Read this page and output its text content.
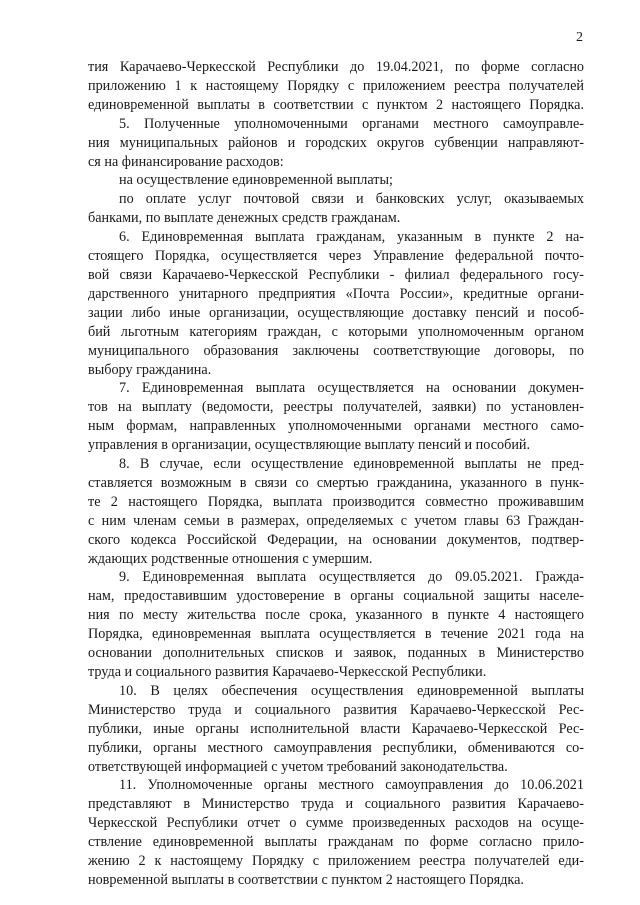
2
тия Карачаево-Черкесской Республики до 19.04.2021, по форме согласно
приложению 1 к настоящему Порядку с приложением реестра получателей
единовременной выплаты в соответствии с пунктом 2 настоящего Порядка.
5. Полученные уполномоченными органами местного самоуправле-
ния муниципальных районов и городских округов субвенции направляют-
ся на финансирование расходов:
на осуществление единовременной выплаты;
по оплате услуг почтовой связи и банковских услуг, оказываемых
банками, по выплате денежных средств гражданам.
6. Единовременная выплата гражданам, указанным в пункте 2 на-
стоящего Порядка, осуществляется через Управление федеральной почто-
вой связи Карачаево-Черкесской Республики - филиал федерального госу-
дарственного унитарного предприятия «Почта России», кредитные органи-
зации либо иные организации, осуществляющие доставку пенсий и пособ-
бий льготным категориям граждан, с которыми уполномоченным органом
муниципального образования заключены соответствующие договоры, по
выбору гражданина.
7. Единовременная выплата осуществляется на основании докумен-
тов на выплату (ведомости, реестры получателей, заявки) по установлен-
ным формам, направленных уполномоченными органами местного само-
управления в организации, осуществляющие выплату пенсий и пособий.
8. В случае, если осуществление единовременной выплаты не пред-
ставляется возможным в связи со смертью гражданина, указанного в пунк-
те 2 настоящего Порядка, выплата производится совместно проживавшим
с ним членам семьи в размерах, определяемых с учетом главы 63 Граждан-
ского кодекса Российской Федерации, на основании документов, подтвер-
ждающих родственные отношения с умершим.
9. Единовременная выплата осуществляется до 09.05.2021. Гражда-
нам, предоставившим удостоверение в органы социальной защиты населе-
ния по месту жительства после срока, указанного в пункте 4 настоящего
Порядка, единовременная выплата осуществляется в течение 2021 года на
основании дополнительных списков и заявок, поданных в Министерство
труда и социального развития Карачаево-Черкесской Республики.
10. В целях обеспечения осуществления единовременной выплаты
Министерство труда и социального развития Карачаево-Черкесской Рес-
публики, иные органы исполнительной власти Карачаево-Черкесской Рес-
публики, органы местного самоуправления республики, обмениваются со-
ответствующей информацией с учетом требований законодательства.
11. Уполномоченные органы местного самоуправления до 10.06.2021
представляют в Министерство труда и социального развития Карачаево-
Черкесской Республики отчет о сумме произведенных расходов на осуще-
ствление единовременной выплаты гражданам по форме согласно прило-
жению 2 к настоящему Порядку с приложением реестра получателей еди-
новременной выплаты в соответствии с пунктом 2 настоящего Порядка.
